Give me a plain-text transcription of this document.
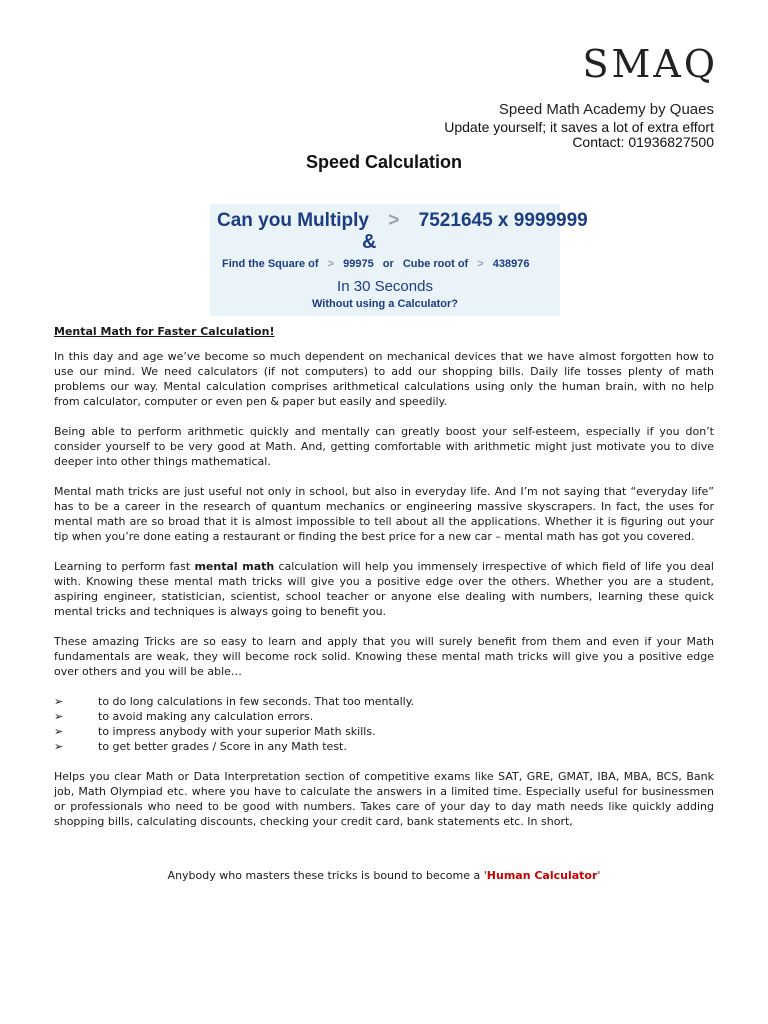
SMAQ
Speed Math Academy by Quaes
Update yourself; it saves a lot of extra effort
Contact: 01936827500
Speed Calculation
Can you Multiply > 7521645 x 9999999
&
Find the Square of > 99975 or Cube root of > 438976
In 30 Seconds
Without using a Calculator?
Mental Math for Faster Calculation!

In this day and age we’ve become so much dependent on mechanical devices that we have almost forgotten how to use our mind. We need calculators (if not computers) to add our shopping bills. Daily life tosses plenty of math problems our way. Mental calculation comprises arithmetical calculations using only the human brain, with no help from calculator, computer or even pen & paper but easily and speedily.

Being able to perform arithmetic quickly and mentally can greatly boost your self-esteem, especially if you don’t consider yourself to be very good at Math. And, getting comfortable with arithmetic might just motivate you to dive deeper into other things mathematical.

Mental math tricks are just useful not only in school, but also in everyday life. And I’m not saying that “everyday life” has to be a career in the research of quantum mechanics or engineering massive skyscrapers. In fact, the uses for mental math are so broad that it is almost impossible to tell about all the applications. Whether it is figuring out your tip when you’re done eating a restaurant or finding the best price for a new car – mental math has got you covered.

Learning to perform fast mental math calculation will help you immensely irrespective of which field of life you deal with. Knowing these mental math tricks will give you a positive edge over the others. Whether you are a student, aspiring engineer, statistician, scientist, school teacher or anyone else dealing with numbers, learning these quick mental tricks and techniques is always going to benefit you.

These amazing Tricks are so easy to learn and apply that you will surely benefit from them and even if your Math fundamentals are weak, they will become rock solid. Knowing these mental math tricks will give you a positive edge over others and you will be able…

➢	to do long calculations in few seconds. That too mentally.
➢	to avoid making any calculation errors.
➢	to impress anybody with your superior Math skills.
➢	to get better grades / Score in any Math test.

Helps you clear Math or Data Interpretation section of competitive exams like SAT, GRE, GMAT, IBA, MBA, BCS, Bank job, Math Olympiad etc. where you have to calculate the answers in a limited time. Especially useful for businessmen or professionals who need to be good with numbers. Takes care of your day to day math needs like quickly adding shopping bills, calculating discounts, checking your credit card, bank statements etc. In short,

Anybody who masters these tricks is bound to become a 'Human Calculator'
